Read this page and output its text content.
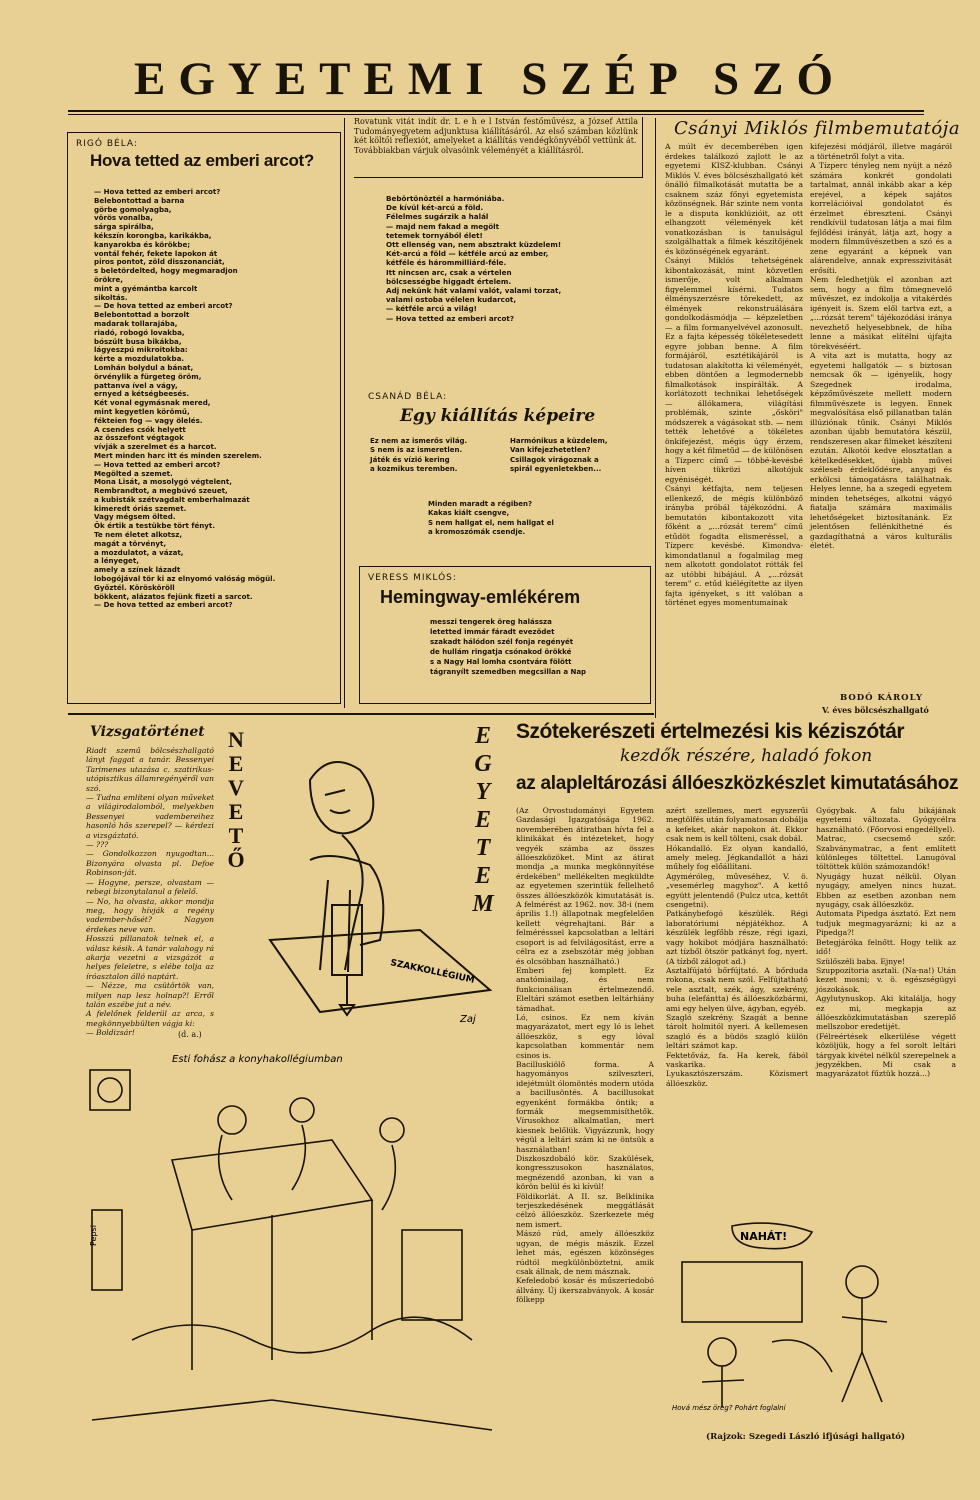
EGYETEMI SZÉP SZÓ
RIGÓ BÉLA:
Hova tetted az emberi arcot?
— Hova tetted az emberi arcot?
Belebontottad a barna
görbe gomolyagba,
vörös vonalba,
sárga spirálba,
kékszín korongba, karikákba,
kanyarokba és körökbe;
vontál fehér, fekete lapokon át
piros pontot, zöld disszonanciát,
s beletördelted, hogy megmaradjon
örökre,
mint a gyémántba karcolt
sikoltás.
— De hova tetted az emberi arcot?
Belebontottad a borzolt
madarak tollarajába,
riadó, robogó lovakba,
bószült busa bikákba,
lágyeszpú mikroitokba:
kérte a mozdulatokba.
Lomhán bolydul a bánat,
örvénylik a fürgeteg öröm,
pattanva ível a vágy,
ernyed a kétségbeesés.
Két vonal egymásnak mered,
mint kegyetlen körömű,
fékteien fog — vagy ölelés.
A csendes csók helyett
az összefont végtagok
vívják a szerelmet és a harcot.
Mert minden harc itt és minden szerelem.
— Hova tetted az emberi arcot?
Megölted a szemet.
Mona Lisát, a mosolygó végtelent,
Rembrandtot, a megbúvó szeuet,
a kubisták szétvagdalt emberhalmazát
kimeredt óriás szemet.
Vagy mégsem ölted.
Ök értik a testükbe tört fényt.
Te nem életet alkotsz,
magát a törvényt,
a mozdulatot, a vázat,
a lényeget,
amely a színek lázadt
lobogójával tör ki az elnyomó valóság mögül.
Győztél. Körösköröll
bökkent, alázatos fejünk fizeti a sarcot.
— De hova tetted az emberi arcot?
Rovatunk vitát indít dr. L e h e l István festőművész, a József Attila Tudományegyetem adjunktusa kiállításáról. Az első számban közlünk két költői reflexiót, amelyeket a kiállítás vendégkönyvéből vettünk át.
Továbbiakban várjuk olvasóink véleményét a kiállításról.
Bebörtönöztél a harmóniába.
De kívül két-arcú a föld.
Félelmes sugárzik a halál
— majd nem fakad a megölt
tetemek tornyából élet!
Ott ellenség van, nem absztrakt küzdelem!
Két-arcú a föld — kétféle arcú az ember,
kétféle és hárommilliárd-féle.
Itt nincsen arc, csak a vértelen
bölcsességbe higgadt értelem.
Adj nekünk hát valami valót, valami torzat,
valami ostoba vélelen kudarcot,
— kétféle arcú a világ!
— Hova tetted az emberi arcot?
CSANÁD BÉLA:
Egy kiállítás képeire
Ez nem az ismerős világ.
S nem is az ismeretlen.
Játék és vízió kering
a kozmikus teremben.
Harmónikus a küzdelem,
Van kifejezhetetlen?
Csillagok virágoznak a
spirál egyenletekben...
Minden maradt a régiben?
Kakas kiált csengve,
S nem hallgat el, nem hallgat el
a kromoszómák csendje.
VERESS MIKLÓS:
Hemingway-emlékérem
messzi tengerek öreg halássza
letetted immár fáradt eveződet
szakadt hálódon szél fonja regényét
de hullám ringatja csónakod örökké
s a Nagy Hal lomha csontvára fölött
tágranyílt szemedben megcsillan a Nap
Csányi Miklós filmbemutatója
A múlt év decemberében igen érdekes találkozó zajlott le az egyetemi KISZ-klubban. Csányi Miklós V. éves bölcsészhallgató két önálló filmalkotását mutatta be a csaknem száz főnyi egyetemista közönségnek. Bár szinte nem vonta le a disputa konklúzióit, az ott elhangzott vélemények két vonatkozásban is tanulságul szolgálhattak a filmek készítőjének és közönségének egyaránt.
Csányi Miklós tehetségének kibontakozását, mint közvetlen ismerője, volt alkalmam figyelemmel kísérni. Tudatos élményszerzésre törekedett, az élmények rekonstruálására gondolkodásmódja — képzeletben — a film formanyelvével azonosult. Ez a fajta képesség tökéletesedett egyre jobban benne. A film formájáról, esztétikájáról is tudatosan alakította ki véleményét, ebben döntően a legmodernebb filmalkotások inspirálták. A korlátozott technikai lehetőségek — állókamera, világítási problémák, szinte „ősköri" módszerek a vágásokat stb. — nem tették lehetővé a tökéletes önkifejezést, mégis úgy érzem, hogy a két filmetűd — de különösen a Tízperc című — többé-kevésbé híven tükrözi alkotójuk egyéniségét.
Csányi kétfajta, nem teljesen ellenkező, de mégis különböző irányba próbál tájékozódni. A bemutatón kibontakozott vita főként a „...rózsát terem" című etűdöt fogadta elismeréssel, a Tízperc kevésbé. Kimondva-kimondatlanul a fogalmilag meg nem alkotott gondolatot rótták fel az utóbbi hibájául. A „...rózsát terem" c. etűd kiélégítette az ilyen fajta igényeket, s itt valóban a történet egyes momentumainak
kifejezési módjáról, illetve magáról a történetről folyt a vita.
A Tízperc tényleg nem nyújt a néző számára konkrét gondolati tartalmat, annál inkább akar a kép erejével, a képek sajátos korrelációival gondolatot és érzelmet ébreszteni. Csányi rendkívül tudatosan látja a mai film fejlődési irányát, látja azt, hogy a modern filmművészetben a szó és a zene egyaránt a képnek van alárendelve, annak expresszivitását erősíti.
Nem feledhetjük el azonban azt sem, hogy a film tömegnevelő művészet, ez indokolja a vitakérdés igényeit is. Szem elől tartva ezt, a „...rózsát terem" tájékozódási iránya nevezhető helyesebbnek, de híba lenne a másikat elítélni újfajta törekvéséért.
A vita azt is mutatta, hogy az egyetemi hallgatók — s biztosan nemcsak ők — igényelik, hogy Szegednek irodalma, képzőművészete mellett modern filmművészete is legyen. Ennek megvalósítása első pillanatban talán illúziónak tűnik. Csányi Miklós azonban újabb bemutatóra készül, rendszeresen akar filmeket készíteni ezután. Alkotói kedve elosztatlan a kételkedésekket, újabb művei széleseb érdeklődésre, anyagi és erkölcsi támogatásra találhatnak. Helyes lenne, ha a szegedi egyetem minden tehetséges, alkotni vágyó fiatalja számára maximális lehetőségeket biztosítanánk. Ez jelentősen fellénkíthetné és gazdagíthatná a város kulturális életét.
BODÓ KÁROLY
V. éves bölcsészhallgató
Vizsgatörténet
Riadt szemű bölcsészhallgató lányt faggat a tanár. Bessenyei Tarimenes utazása c. szatirikus-utópisztikus államregényéről van szó.
— Tudna említeni olyan műveket a világirodalomból, melyekben Bessenyei vadembereihez hasonló hős szerepel? — kérdezi a vizsgáztató.
— ???
— Gondolkozzon nyugodtan... Bizonyára olvasta pl. Defoe Robinson-ját.
— Hogyne, persze, olvastam — rebegi bizonytalanul a felelő.
— No, ha olvasta, akkor mondja meg, hogy hívják a regény vadember-hősét? Nagyon érdekes neve van.
Hosszú pillanatok telnek el, a válasz késik. A tanár valahogy rá akarja vezetni a vizsgázót a helyes feleletre, s elébe tolja az íróasztalon álló naptárt.
— Nézze, ma csütörtök van, milyen nap lesz holnap?! Erről talán eszébe jut a név.
A felelőnek felderül az arca, s megkönnyebbülten vágja ki:
— Boldizsár!	(d. a.)
N
E
V
E
T
Ő
E
G
Y
E
T
E
M
SZAKKOLLÉGIUM
Zaj
Esti fohász a konyhakollégiumban
Pepsi
Szótekerészeti értelmezési kis kéziszótár
kezdők részére, haladó fokon
az alapleltározási állóeszközkészlet kimutatásához
(Az Orvostudományi Egyetem Gazdasági Igazgatósága 1962. novemberében átiratban hívta fel a klinikákat és intézeteket, hogy vegyék számba az összes állóeszközöket. Mint az átirat mondja „a munka megkönnyítése érdekében" mellékelten megküldte az egyetemen szerintük fellelhető összes állóeszközök kimutatását is. A felmérést az 1962. nov. 38-i (nem április 1.!) állapotnak megfelelően kellett végrehajtani. Bár a felmérésssel kapcsolatban a leltári csoport is ad felvilágosítást, erre a célra ez a zsebszótár még jobban és olcsóbban használható.)
Emberi fej komplett. Ez anatómiailag, és nem funkcionálisan értelmezendő. Eleltári számot esetben leltárhiány támadhat.
Ló, csinos. Ez nem kíván magyarázatot, mert egy ló is lehet állóeszköz, s egy lóval kapcsolatban kommentár nem csinos is.
Bacilluskiölő forma. A hagyományos szilveszteri, idejétmúlt ólomöntés modern utóda a bacillusöntés. A bacillusokat egyenként formákba öntik; a formák megsemmisíthetők. Vírusokhoz alkalmatlan, mert kiesnek belőlük. Vigyázzunk, hogy végül a leltári szám ki ne öntsük a használatban!
Diszkoszdobáló kör. Szakülések, kongresszusokon használatos, megnézendő azonban, ki van a körön belül és ki kívül!
Földikorlát. A II. sz. Belklinika terjeszkedésének meggátlását célzó állóeszköz. Szerkezete még nem ismert.
Mászó rúd, amely állóeszköz ugyan, de mégis mászik. Ezzel lehet más, egészen közönséges rúdtól megkülönböztetni, amik csak állnak, de nem másznak.
Kefeledobó kosár és műszeriedobó állvány. Új ikerszabványok. A kosár fölkepp
azért szellemes, mert egyszerűi megtölfés után folyamatosan dobálja a kefeket, akár napokon át. Ekkor csak nem is kell tölteni, csak dobál.
Hókandalló. Ez olyan kandalló, amely meleg. Jégkandallót a házi műhely fog előállítani.
Agyméróleg, műveséhez, V. ö. „vesemérleg magyhoz". A kettő együtt jelentendő (Pulcz utca, kettőt csengetni).
Patkánybefogó készülék. Régi laboratóriumi népjátékhoz. A készülék legfőbb része, régi igazi, vagy hokibot módjára használható: azt tízből ötször patkányt fog, nyert. (A tízből zálogot ad.)
Asztalfújató bőrfújtató. A bőrduda rokona, csak nem szól. Felfújtatható vele asztalt, szék, ágy, szekrény, buha (elefántta) és állóeszközbármi, ami egy helyen ülve, ágyban, egyéb.
Szagló szekrény. Szagát a benne tárolt holmitól nyeri. A kellemesen szagló és a büdös szagló külön leltári számot kap.
Fektetőváz, fa. Ha kerek, fából vaskarika.
Lyukasztószerszám. Közismert állóeszköz.
Gyógybak. A falu bikájának egyetemi változata. Gyógycélra használható. (Főorvosi engedéllyel).
Matrac, csecsemő szőr. Szabványmatrac, a fent említett különleges töltettel. Lanugóval töltöttek külön számozandók!
Nyugágy huzat nélkül. Olyan nyugágy, amelyen nincs huzat. Ebben az esetben azonban nem nyugágy, csak állóeszköz.
Automata Pipedga ásztató. Ezt nem tudjuk megmagyarázni; ki az a Pipedga?!
Betegjárókа felnőtt. Hogy telik az idő!
Szülőszéli baba. Ejnye!
Szuppozitoria asztali. (Na-na!) Után kezet mosni; v. ö. egészségügyi jószokások.
Agylutynuskop. Aki kitalálja, hogy ez mi, megkapja az állóeszközkimutatásban szereplő mellszobor eredetijét.
(Félreértések elkerülése végett közöljük, hogy a fel sorolt leltári tárgyak kivétel nélkül szerepelnek a jegyzékben. Mi csak a magyarázatot fűztük hozzá...)
NAHÁT!
Hová mész öreg? Pohárt foglalni
(Rajzok: Szegedi László ifjúsági hallgató)
